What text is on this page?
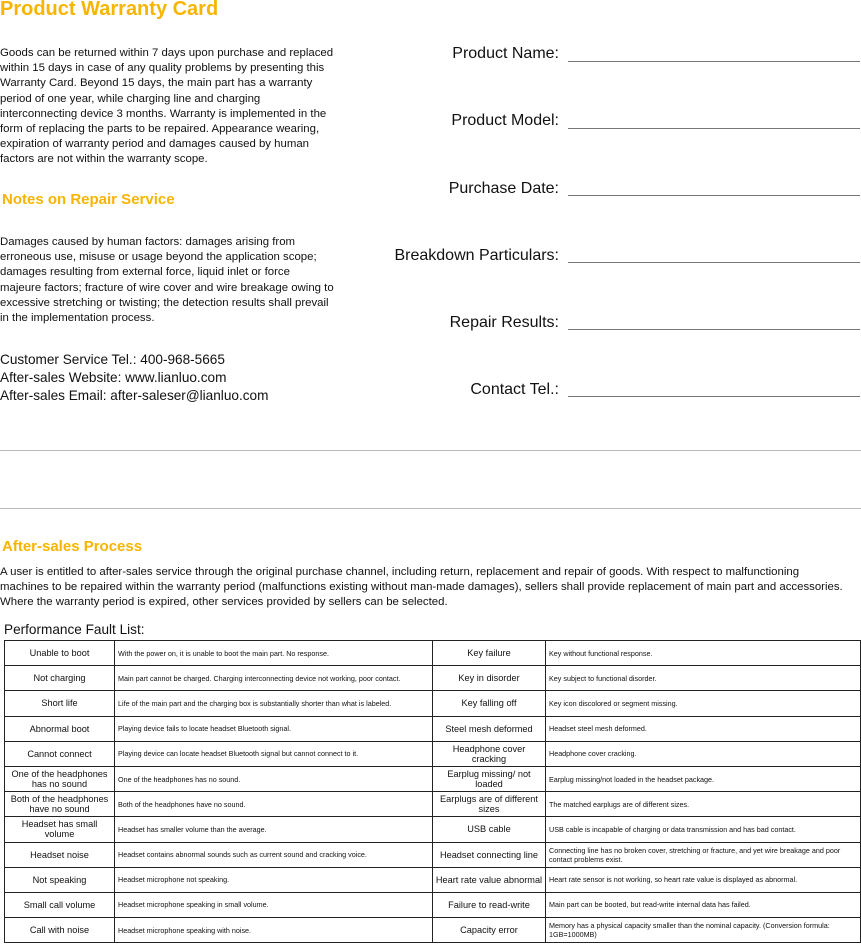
Product Warranty Card

Goods can be returned within 7 days upon purchase and replaced within 15 days in case of any quality problems by presenting this Warranty Card. Beyond 15 days, the main part has a warranty period of one year, while charging line and charging interconnecting device 3 months. Warranty is implemented in the form of replacing the parts to be repaired. Appearance wearing, expiration of warranty period and damages caused by human factors are not within the warranty scope.

Notes on Repair Service

Damages caused by human factors: damages arising from erroneous use, misuse or usage beyond the application scope; damages resulting from external force, liquid inlet or force majeure factors; fracture of wire cover and wire breakage owing to excessive stretching or twisting; the detection results shall prevail in the implementation process.

Customer Service Tel.: 400-968-5665
After-sales Website: www.lianluo.com
After-sales Email: after-saleser@lianluo.com
Product Name:
Product Model:
Purchase Date:
Breakdown Particulars:
Repair Results:
Contact Tel.:
After-sales Process

A user is entitled to after-sales service through the original purchase channel, including return, replacement and repair of goods. With respect to malfunctioning machines to be repaired within the warranty period (malfunctions existing without man-made damages), sellers shall provide replacement of main part and accessories. Where the warranty period is expired, other services provided by sellers can be selected.

Performance Fault List:
Unable to boot	With the power on, it is unable to boot the main part. No response.	Key failure	Key without functional response.
Not charging	Main part cannot be charged. Charging interconnecting device not working, poor contact.	Key in disorder	Key subject to functional disorder.
Short life	Life of the main part and the charging box is substantially shorter than what is labeled.	Key falling off	Key icon discolored or segment missing.
Abnormal boot	Playing device fails to locate headset Bluetooth signal.	Steel mesh deformed	Headset steel mesh deformed.
Cannot connect	Playing device can locate headset Bluetooth signal but cannot connect to it.	Headphone cover cracking	Headphone cover cracking.
One of the headphones has no sound	One of the headphones has no sound.	Earplug missing/ not loaded	Earplug missing/not loaded in the headset package.
Both of the headphones have no sound	Both of the headphones have no sound.	Earplugs are of different sizes	The matched earplugs are of different sizes.
Headset has small volume	Headset has smaller volume than the average.	USB cable	USB cable is incapable of charging or data transmission and has bad contact.
Headset noise	Headset contains abnormal sounds such as current sound and cracking voice.	Headset connecting line	Connecting line has no broken cover, stretching or fracture, and yet wire breakage and poor contact problems exist.
Not speaking	Headset microphone not speaking.	Heart rate value abnormal	Heart rate sensor is not working, so heart rate value is displayed as abnormal.
Small call volume	Headset microphone speaking in small volume.	Failure to read-write	Main part can be booted, but read-write internal data has failed.
Call with noise	Headset microphone speaking with noise.	Capacity error	Memory has a physical capacity smaller than the nominal capacity. (Conversion formula: 1GB=1000MB)
